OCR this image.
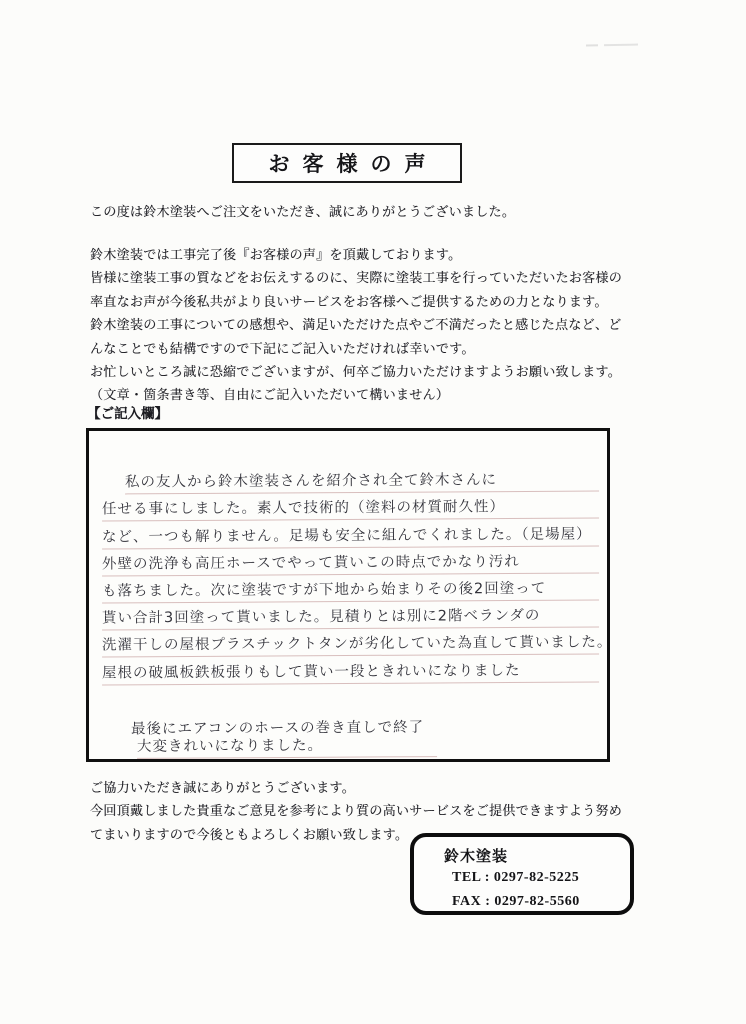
お客様の声
この度は鈴木塗装へご注文をいただき、誠にありがとうございました。
鈴木塗装では工事完了後『お客様の声』を頂戴しております。
皆様に塗装工事の質などをお伝えするのに、実際に塗装工事を行っていただいたお客様の
率直なお声が今後私共がより良いサービスをお客様へご提供するための力となります。
鈴木塗装の工事についての感想や、満足いただけた点やご不満だったと感じた点など、ど
んなことでも結構ですので下記にご記入いただければ幸いです。
お忙しいところ誠に恐縮でございますが、何卒ご協力いただけますようお願い致します。
（文章・箇条書き等、自由にご記入いただいて構いません）
【ご記入欄】
私の友人から鈴木塗装さんを紹介され全て鈴木さんに
任せる事にしました。素人で技術的（塗料の材質耐久性）
など、一つも解りません。足場も安全に組んでくれました。（足場屋）
外壁の洗浄も高圧ホースでやって貰いこの時点でかなり汚れ
も落ちました。次に塗装ですが下地から始まりその後2回塗って
貰い合計3回塗って貰いました。見積りとは別に2階ベランダの
洗濯干しの屋根プラスチックトタンが劣化していた為直して貰いました。
屋根の破風板鉄板張りもして貰い一段ときれいになりました
最後にエアコンのホースの巻き直しで終了
大変きれいになりました。
ご協力いただき誠にありがとうございます。
今回頂戴しました貴重なご意見を参考により質の高いサービスをご提供できますよう努め
てまいりますので今後ともよろしくお願い致します。
鈴木塗装
TEL : 0297-82-5225
FAX : 0297-82-5560
